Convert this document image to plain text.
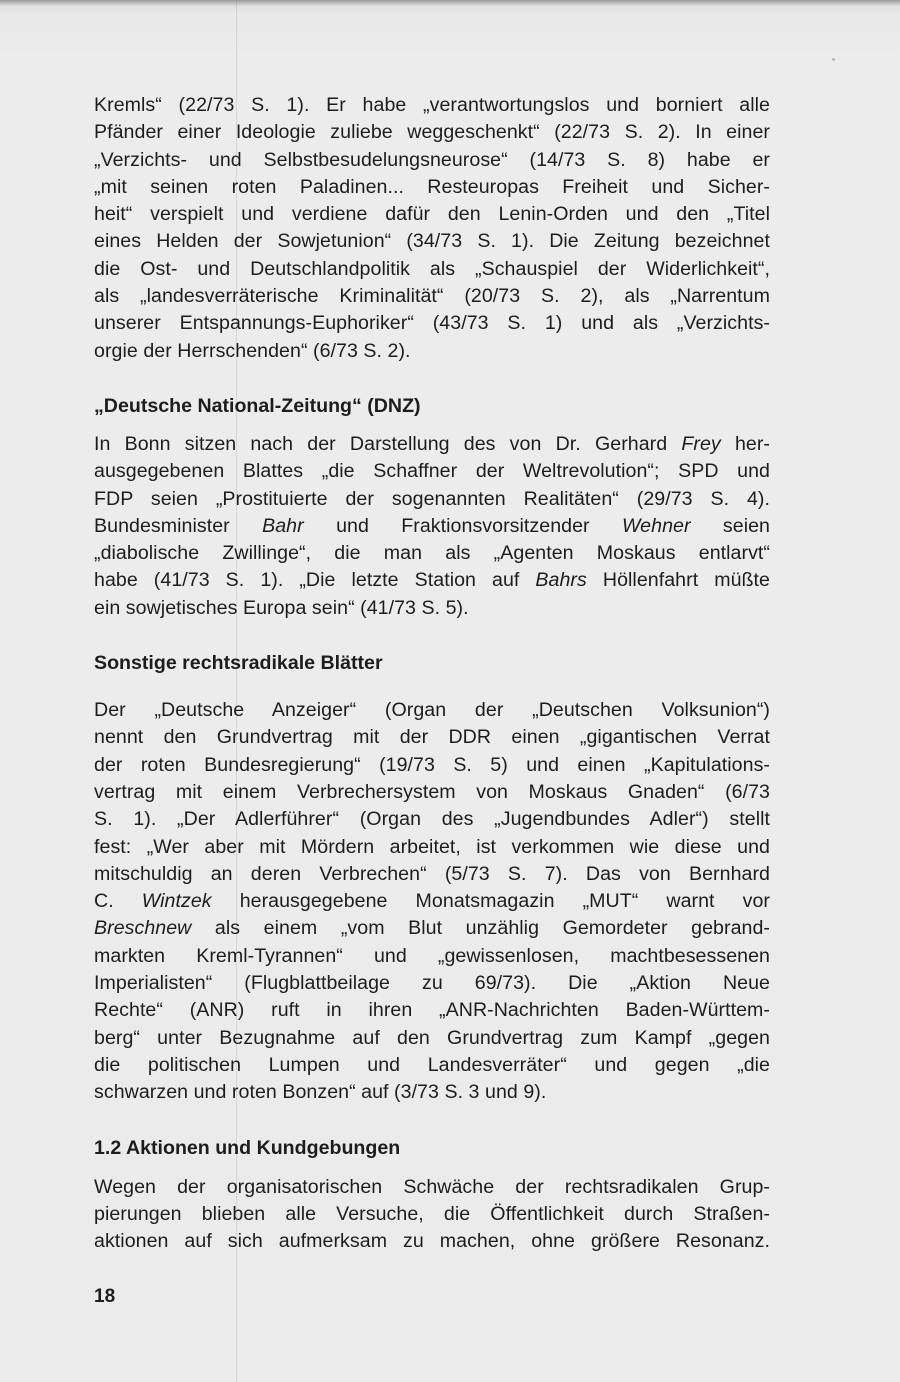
Kremls“ (22/73 S. 1). Er habe „verantwortungslos und borniert alle
Pfänder einer Ideologie zuliebe weggeschenkt“ (22/73 S. 2). In einer
„Verzichts- und Selbstbesudelungsneurose“ (14/73 S. 8) habe er
„mit seinen roten Paladinen... Resteuropas Freiheit und Sicher-
heit“ verspielt und verdiene dafür den Lenin-Orden und den „Titel
eines Helden der Sowjetunion“ (34/73 S. 1). Die Zeitung bezeichnet
die Ost- und Deutschlandpolitik als „Schauspiel der Widerlichkeit“,
als „landesverräterische Kriminalität“ (20/73 S. 2), als „Narrentum
unserer Entspannungs-Euphoriker“ (43/73 S. 1) und als „Verzichts-
orgie der Herrschenden“ (6/73 S. 2).
„Deutsche National-Zeitung“ (DNZ)
In Bonn sitzen nach der Darstellung des von Dr. Gerhard Frey her-
ausgegebenen Blattes „die Schaffner der Weltrevolution“; SPD und
FDP seien „Prostituierte der sogenannten Realitäten“ (29/73 S. 4).
Bundesminister Bahr und Fraktionsvorsitzender Wehner seien
„diabolische Zwillinge“, die man als „Agenten Moskaus entlarvt“
habe (41/73 S. 1). „Die letzte Station auf Bahrs Höllenfahrt müßte
ein sowjetisches Europa sein“ (41/73 S. 5).
Sonstige rechtsradikale Blätter
Der „Deutsche Anzeiger“ (Organ der „Deutschen Volksunion“)
nennt den Grundvertrag mit der DDR einen „gigantischen Verrat
der roten Bundesregierung“ (19/73 S. 5) und einen „Kapitulations-
vertrag mit einem Verbrechersystem von Moskaus Gnaden“ (6/73
S. 1). „Der Adlerführer“ (Organ des „Jugendbundes Adler“) stellt
fest: „Wer aber mit Mördern arbeitet, ist verkommen wie diese und
mitschuldig an deren Verbrechen“ (5/73 S. 7). Das von Bernhard
C. Wintzek herausgegebene Monatsmagazin „MUT“ warnt vor
Breschnew als einem „vom Blut unzählig Gemordeter gebrand-
markten Kreml-Tyrannen“ und „gewissenlosen, machtbesessenen
Imperialisten“ (Flugblattbeilage zu 69/73). Die „Aktion Neue
Rechte“ (ANR) ruft in ihren „ANR-Nachrichten Baden-Württem-
berg“ unter Bezugnahme auf den Grundvertrag zum Kampf „gegen
die politischen Lumpen und Landesverräter“ und gegen „die
schwarzen und roten Bonzen“ auf (3/73 S. 3 und 9).
1.2 Aktionen und Kundgebungen
Wegen der organisatorischen Schwäche der rechtsradikalen Grup-
pierungen blieben alle Versuche, die Öffentlichkeit durch Straßen-
aktionen auf sich aufmerksam zu machen, ohne größere Resonanz.
18
